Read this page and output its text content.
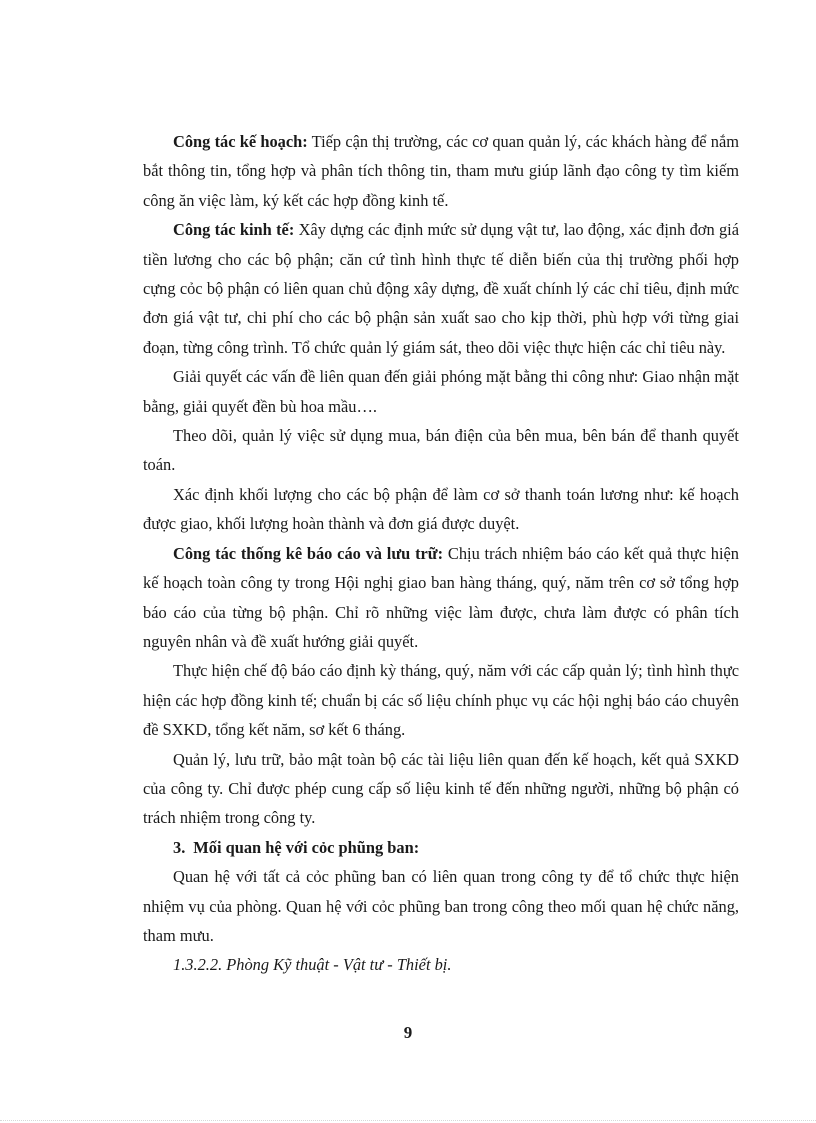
Công tác kế hoạch: Tiếp cận thị trường, các cơ quan quản lý, các khách hàng để nắm bắt thông tin, tổng hợp và phân tích thông tin, tham mưu giúp lãnh đạo công ty tìm kiếm công ăn việc làm, ký kết các hợp đồng kinh tế.

Công tác kinh tế: Xây dựng các định mức sử dụng vật tư, lao động, xác định đơn giá tiền lương cho các bộ phận; căn cứ tình hình thực tế diễn biến của thị trường phối hợp cựng cỏc bộ phận có liên quan chủ động xây dựng, đề xuất chính lý các chỉ tiêu, định mức đơn giá vật tư, chi phí cho các bộ phận sản xuất sao cho kịp thời, phù hợp với từng giai đoạn, từng công trình. Tổ chức quản lý giám sát, theo dõi việc thực hiện các chỉ tiêu này.

Giải quyết các vấn đề liên quan đến giải phóng mặt bằng thi công như: Giao nhận mặt bằng, giải quyết đền bù hoa mầu….

Theo dõi, quản lý việc sử dụng mua, bán điện của bên mua, bên bán để thanh quyết toán.

Xác định khối lượng cho các bộ phận để làm cơ sở thanh toán lương như: kế hoạch được giao, khối lượng hoàn thành và đơn giá được duyệt.

Công tác thống kê báo cáo và lưu trữ: Chịu trách nhiệm báo cáo kết quả thực hiện kế hoạch toàn công ty trong Hội nghị giao ban hàng tháng, quý, năm trên cơ sở tổng hợp báo cáo của từng bộ phận. Chỉ rõ những việc làm được, chưa làm được có phân tích nguyên nhân và đề xuất hướng giải quyết.

Thực hiện chế độ báo cáo định kỳ tháng, quý, năm với các cấp quản lý; tình hình thực hiện các hợp đồng kinh tế; chuẩn bị các số liệu chính phục vụ các hội nghị báo cáo chuyên đề SXKD, tổng kết năm, sơ kết 6 tháng.

Quản lý, lưu trữ, bảo mật toàn bộ các tài liệu liên quan đến kế hoạch, kết quả SXKD của công ty. Chỉ được phép cung cấp số liệu kinh tế đến những người, những bộ phận có trách nhiệm trong công ty.

3. Mối quan hệ với cỏc phũng ban:

Quan hệ với tất cả cỏc phũng ban có liên quan trong công ty để tổ chức thực hiện nhiệm vụ của phòng. Quan hệ với cỏc phũng ban trong công theo mối quan hệ chức năng, tham mưu.

1.3.2.2. Phòng Kỹ thuật - Vật tư - Thiết bị.

9
